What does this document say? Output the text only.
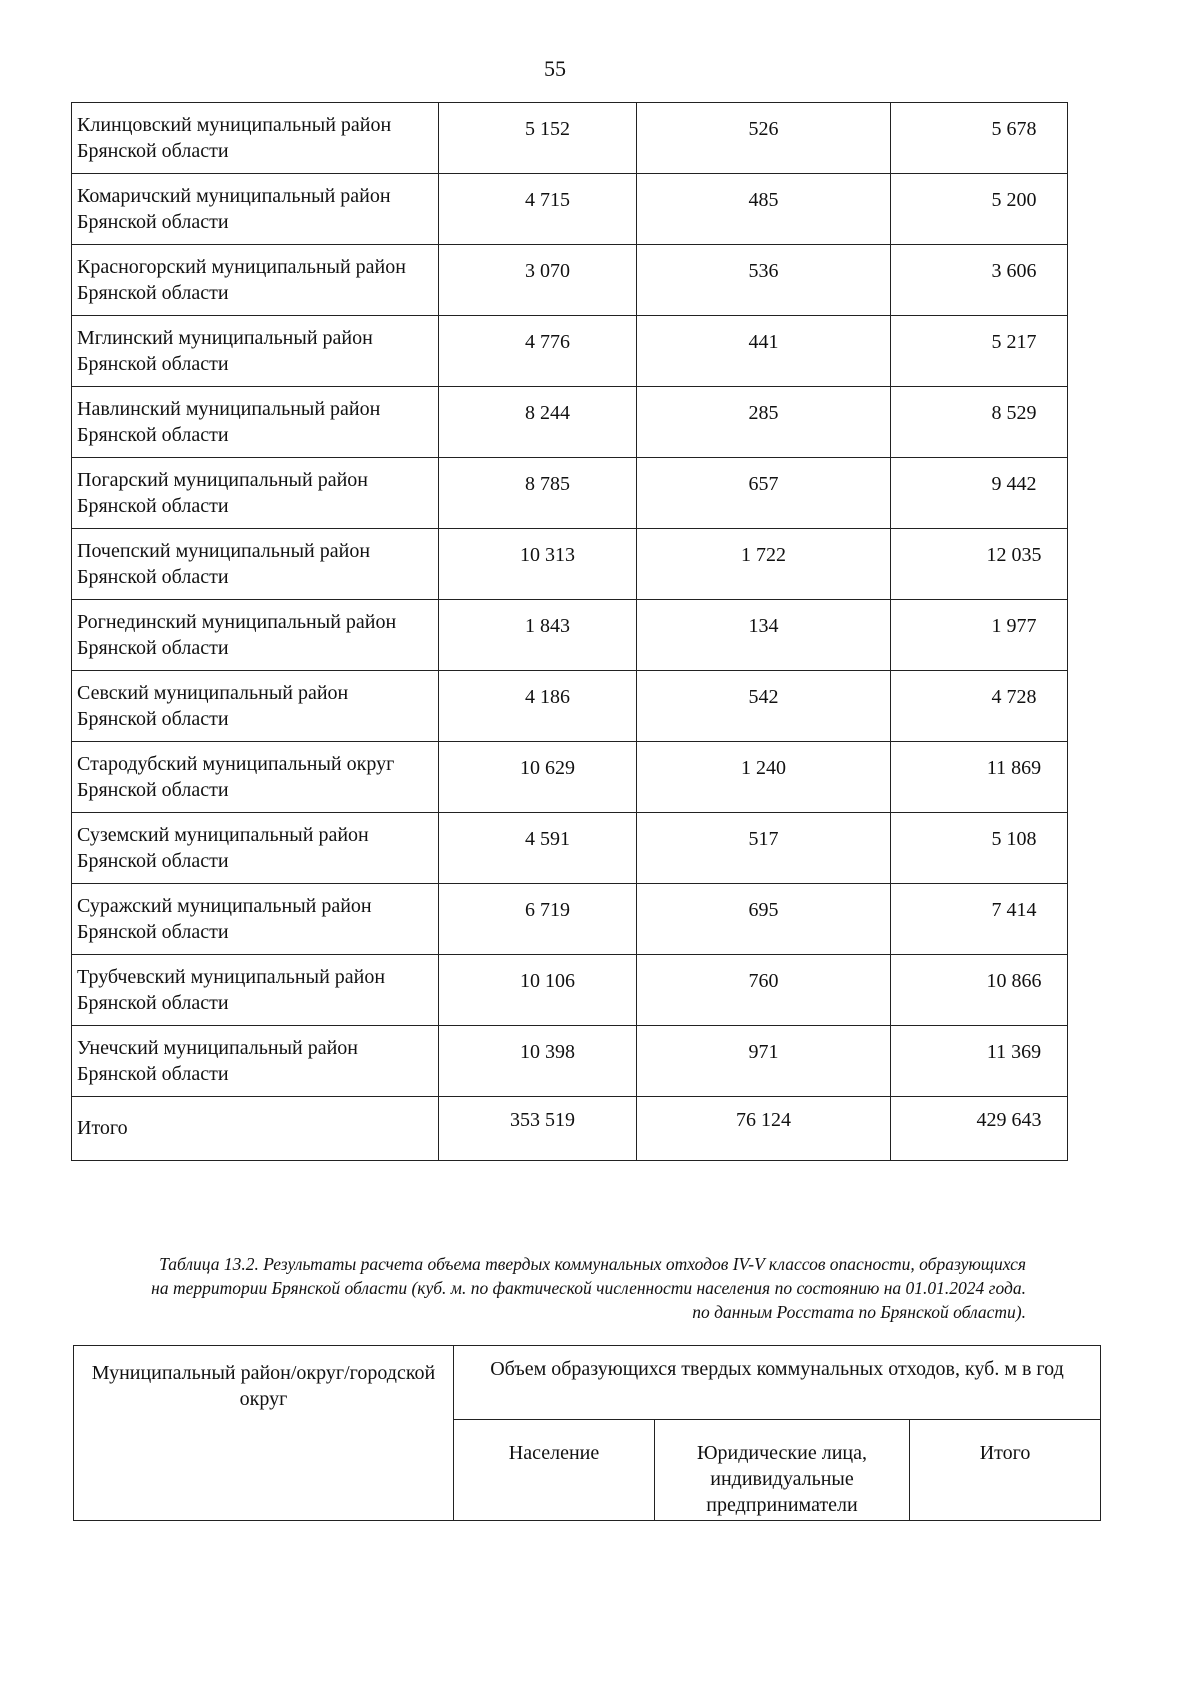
55
Клинцовский муниципальный район Брянской области	5 152	526	5 678
Комаричский муниципальный район Брянской области	4 715	485	5 200
Красногорский муниципальный район Брянской области	3 070	536	3 606
Мглинский муниципальный район Брянской области	4 776	441	5 217
Навлинский муниципальный район Брянской области	8 244	285	8 529
Погарский муниципальный район Брянской области	8 785	657	9 442
Почепский муниципальный район Брянской области	10 313	1 722	12 035
Рогнединский муниципальный район Брянской области	1 843	134	1 977
Севский муниципальный район Брянской области	4 186	542	4 728
Стародубский муниципальный округ Брянской области	10 629	1 240	11 869
Суземский муниципальный район Брянской области	4 591	517	5 108
Суражский муниципальный район Брянской области	6 719	695	7 414
Трубчевский муниципальный район Брянской области	10 106	760	10 866
Унечский муниципальный район Брянской области	10 398	971	11 369
Итого	353 519	76 124	429 643
Таблица 13.2. Результаты расчета объема твердых коммунальных отходов IV-V классов опасности, образующихся на территории Брянской области (куб. м. по фактической численности населения по состоянию на 01.01.2024 года. по данным Росстата по Брянской области).
Муниципальный район/округ/городской округ	Объем образующихся твердых коммунальных отходов, куб. м в год		
	Население	Юридические лица, индивидуальные предприниматели	Итого
